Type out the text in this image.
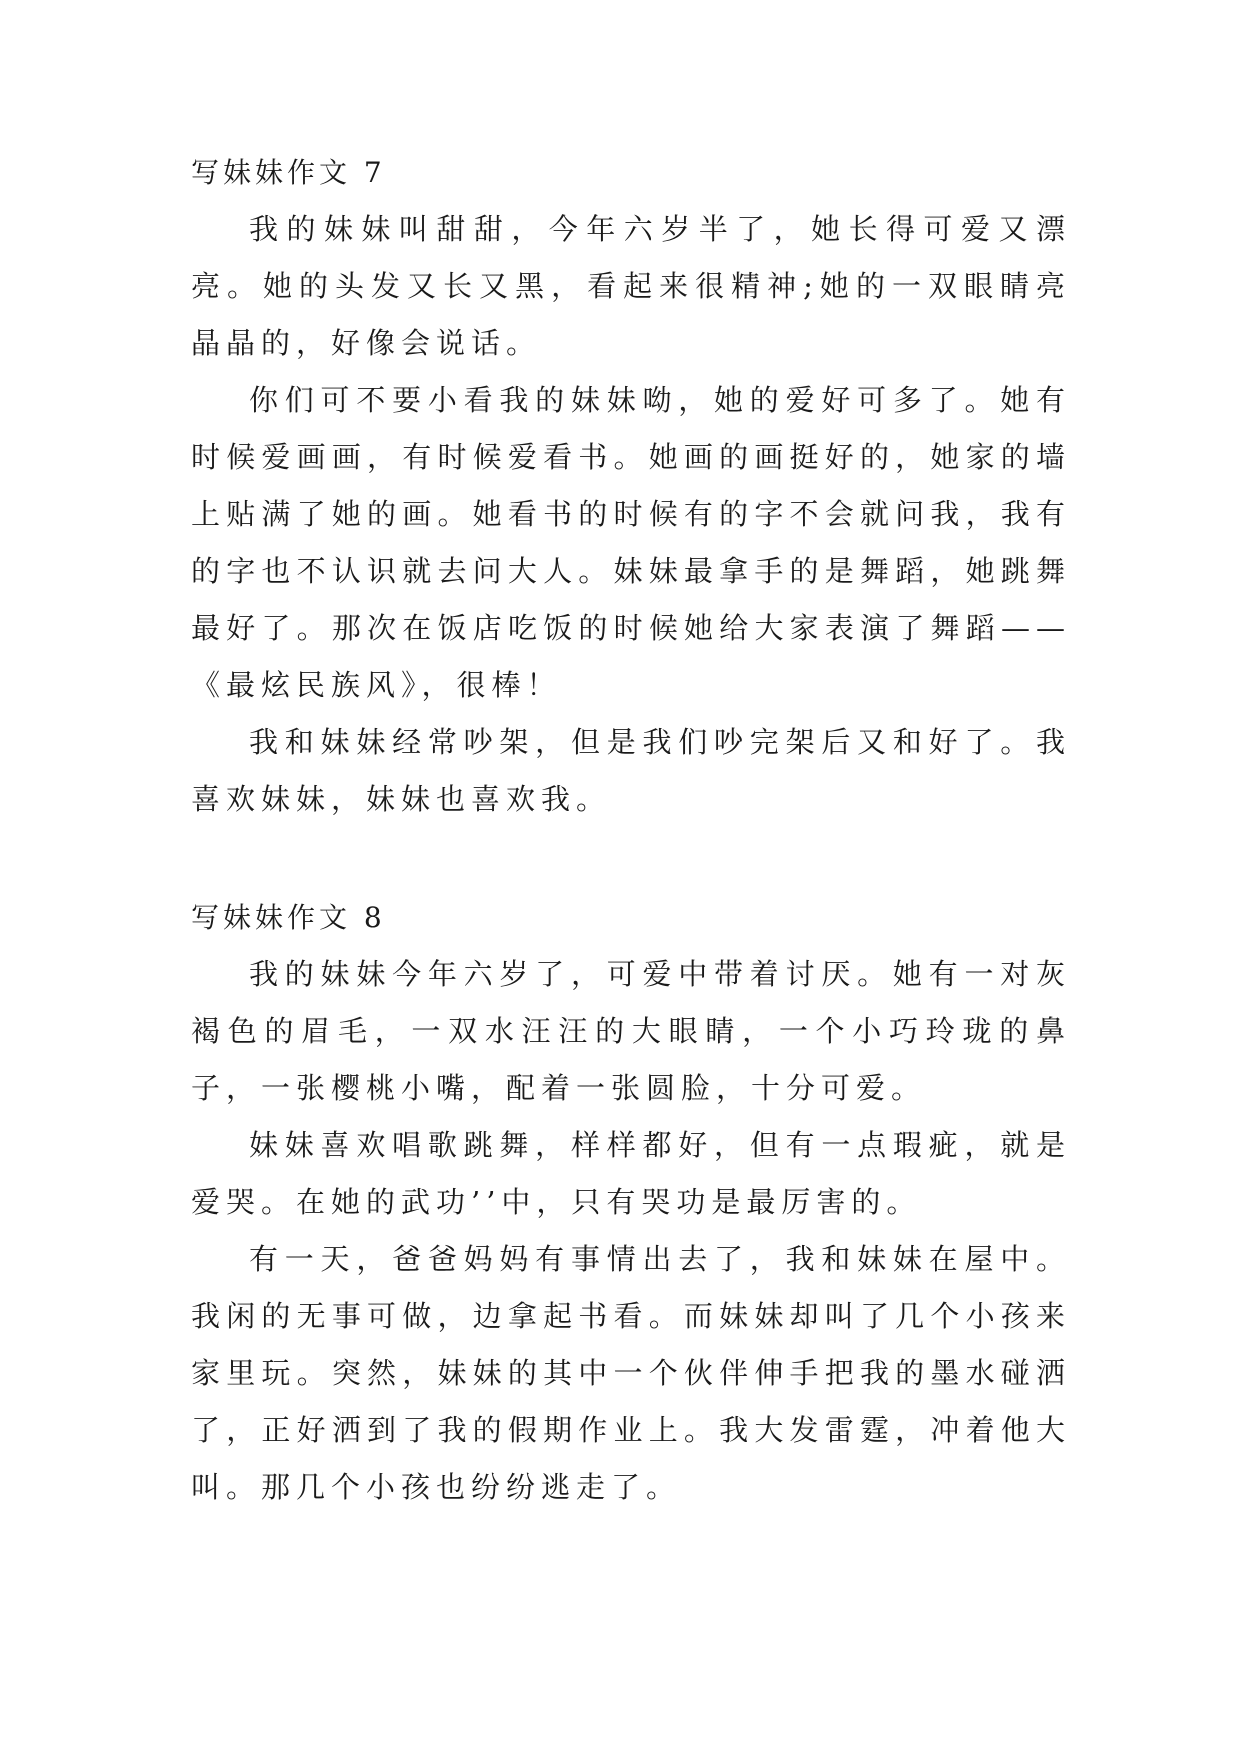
写妹妹作文 7

我的妹妹叫甜甜，今年六岁半了，她长得可爱又漂亮。她的头发又长又黑，看起来很精神;她的一双眼睛亮晶晶的，好像会说话。

你们可不要小看我的妹妹呦，她的爱好可多了。她有时候爱画画，有时候爱看书。她画的画挺好的，她家的墙上贴满了她的画。她看书的时候有的字不会就问我，我有的字也不认识就去问大人。妹妹最拿手的是舞蹈，她跳舞最好了。那次在饭店吃饭的时候她给大家表演了舞蹈——《最炫民族风》，很棒！

我和妹妹经常吵架，但是我们吵完架后又和好了。我喜欢妹妹，妹妹也喜欢我。

写妹妹作文 8

我的妹妹今年六岁了，可爱中带着讨厌。她有一对灰褐色的眉毛，一双水汪汪的大眼睛，一个小巧玲珑的鼻子，一张樱桃小嘴，配着一张圆脸，十分可爱。

妹妹喜欢唱歌跳舞，样样都好，但有一点瑕疵，就是爱哭。在她的武功’’中，只有哭功是最厉害的。

有一天，爸爸妈妈有事情出去了，我和妹妹在屋中。我闲的无事可做，边拿起书看。而妹妹却叫了几个小孩来家里玩。突然，妹妹的其中一个伙伴伸手把我的墨水碰洒了，正好洒到了我的假期作业上。我大发雷霆，冲着他大叫。那几个小孩也纷纷逃走了。
